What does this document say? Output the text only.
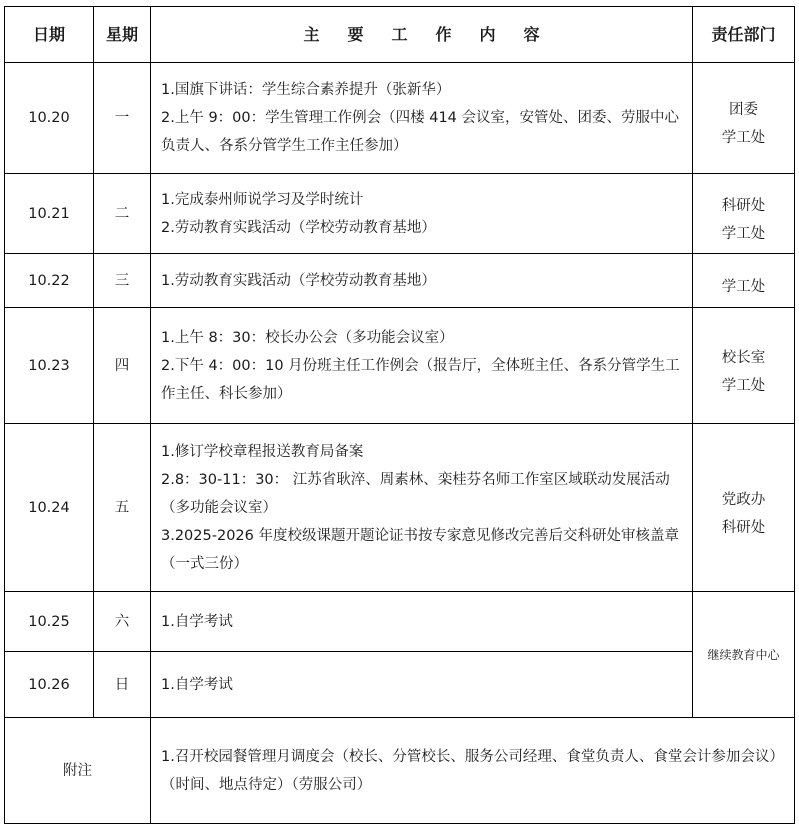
日期	星期	主要工作内容	责任部门
10.20	一	1.国旗下讲话：学生综合素养提升（张新华）
2.上午 9：00：学生管理工作例会（四楼 414 会议室，安管处、团委、劳服中心负责人、各系分管学生工作主任参加）	团委
学工处

10.21	二	1.完成泰州师说学习及学时统计
2.劳动教育实践活动（学校劳动教育基地）	科研处
学工处

10.22	三	1.劳动教育实践活动（学校劳动教育基地）	学工处

10.23	四	1.上午 8：30：校长办公会（多功能会议室）
2.下午 4：00：10 月份班主任工作例会（报告厅，全体班主任、各系分管学生工作主任、科长参加）	校长室
学工处

10.24	五	1.修订学校章程报送教育局备案
2.8：30-11：30： 江苏省耿淬、周素林、栾桂芬名师工作室区域联动发展活动（多功能会议室）
3.2025-2026 年度校级课题开题论证书按专家意见修改完善后交科研处审核盖章（一式三份）	党政办
科研处

10.25	六	1.自学考试	继续教育中心
10.26	日	1.自学考试	

附注		1.召开校园餐管理月调度会（校长、分管校长、服务公司经理、食堂负责人、食堂会计参加会议）（时间、地点待定）（劳服公司）	
